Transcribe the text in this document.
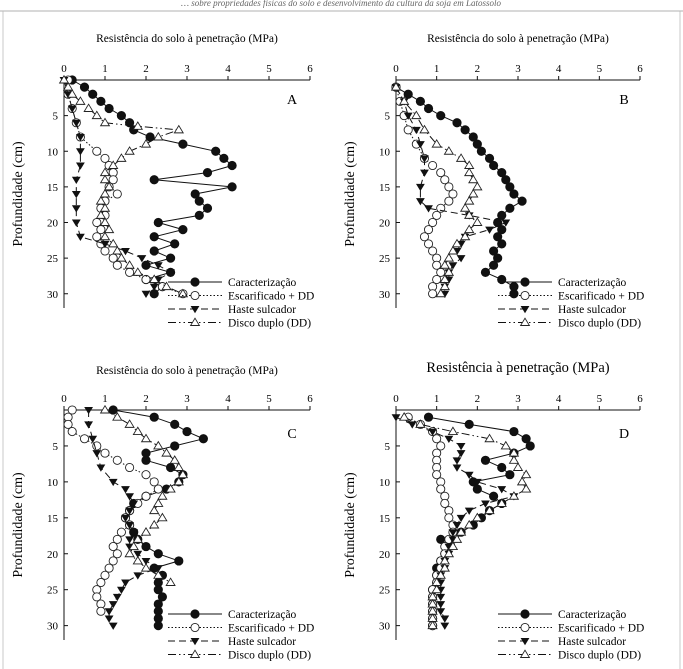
… sobre propriedades físicas do solo e desenvolvimento da cultura da soja em Latossolo
Resistência do solo à penetração (MPa)
0	1	2	3	4	5	6
5
10
15
20
25
30
Profundidade (cm)
A
Caracterização
Escarificado + DD
Haste sulcador
Disco duplo (DD)
Resistência do solo à penetração (MPa)
0	1	2	3	4	5	6
5
10
15
20
25
30
Profundidade (cm)
B
Caracterização
Escarificado + DD
Haste sulcador
Disco duplo (DD)
Resistência do solo à penetração (MPa)
0	1	2	3	4	5	6
5
10
15
20
25
30
Profundidade (cm)
C
Caracterização
Escarificado + DD
Haste sulcador
Disco duplo (DD)
Resistência à penetração (MPa)
0	1	2	3	4	5	6
5
10
15
20
25
30
Profundidade (cm)
D
Caracterização
Escarificado + DD
Haste sulcador
Disco duplo (DD)
